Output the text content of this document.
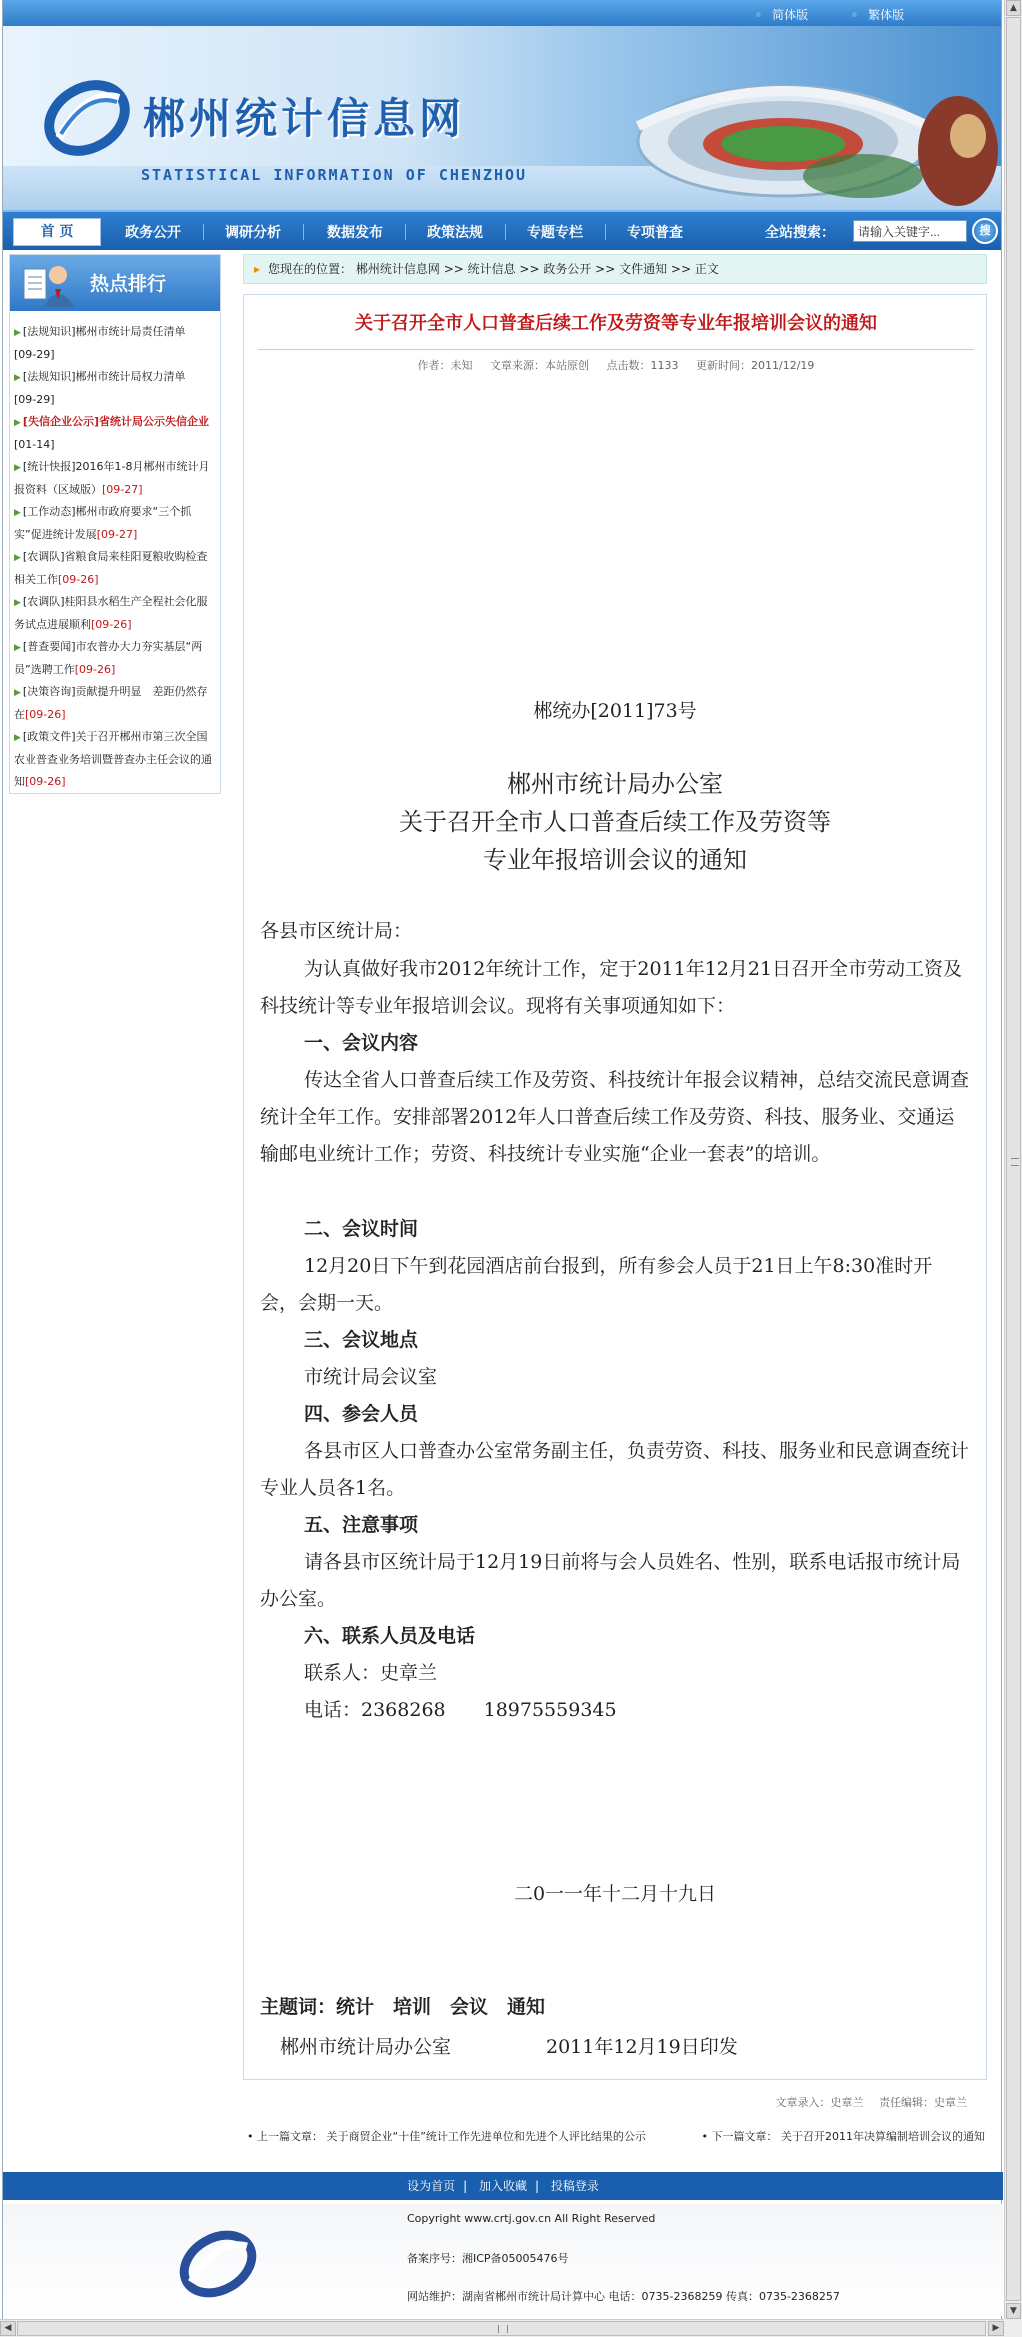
◦ 简体版
◦	繁体版
郴州统计信息网
STATISTICAL INFORMATION OF CHENZHOU
首 页	政务公开	调研分析	数据发布	政策法规	专题专栏	专项普查	全站搜索：
请输入关键字...	搜
热点排行
▶ [法规知识]郴州市统计局责任清单
[09-29]
▶ [法规知识]郴州市统计局权力清单
[09-29]
▶ [失信企业公示]省统计局公示失信企业[01-14]
▶ [统计快报]2016年1-8月郴州市统计月报资料（区域版）[09-27]
▶ [工作动态]郴州市政府要求“三个抓实”促进统计发展[09-27]
▶ [农调队]省粮食局来桂阳夏粮收购检查相关工作[09-26]
▶ [农调队]桂阳县水稻生产全程社会化服务试点进展顺利[09-26]
▶ [普查要闻]市农普办大力夯实基层“两员”选聘工作[09-26]
▶ [决策咨询]贡献提升明显　差距仍然存在[09-26]
▶ [政策文件]关于召开郴州市第三次全国农业普查业务培训暨普查办主任会议的通知[09-26]
▸ 您现在的位置： 郴州统计信息网 >> 统计信息 >> 政务公开 >> 文件通知 >> 正文
关于召开全市人口普查后续工作及劳资等专业年报培训会议的通知
作者：未知 文章来源：本站原创 点击数：1133 更新时间：2011/12/19
郴统办[2011]73号
郴州市统计局办公室
关于召开全市人口普查后续工作及劳资等
专业年报培训会议的通知
各县市区统计局：
为认真做好我市2012年统计工作，定于2011年12月21日召开全市劳动工资及科技统计等专业年报培训会议。现将有关事项通知如下：
一、会议内容
传达全省人口普查后续工作及劳资、科技统计年报会议精神，总结交流民意调查统计全年工作。安排部署2012年人口普查后续工作及劳资、科技、服务业、交通运输邮电业统计工作；劳资、科技统计专业实施“企业一套表”的培训。
二、会议时间
12月20日下午到花园酒店前台报到，所有参会人员于21日上午8:30准时开会，会期一天。
三、会议地点
市统计局会议室
四、参会人员
各县市区人口普查办公室常务副主任，负责劳资、科技、服务业和民意调查统计专业人员各1名。
五、注意事项
请各县市区统计局于12月19日前将与会人员姓名、性别，联系电话报市统计局办公室。
六、联系人员及电话
联系人：史章兰
电话：2368268　　18975559345
二0一一年十二月十九日
主题词：统计　培训　会议　通知
郴州市统计局办公室　　　　　2011年12月19日印发
文章录入：史章兰 责任编辑：史章兰
• 上一篇文章： 关于商贸企业“十佳”统计工作先进单位和先进个人评比结果的公示	• 下一篇文章： 关于召开2011年决算编制培训会议的通知
设为首页 | 加入收藏 | 投稿登录
Copyright www.crtj.gov.cn All Right Reserved
备案序号：湘ICP备05005476号
网站维护：湖南省郴州市统计局计算中心 电话：0735-2368259 传真：0735-2368257
▲
▼
◀	▶
